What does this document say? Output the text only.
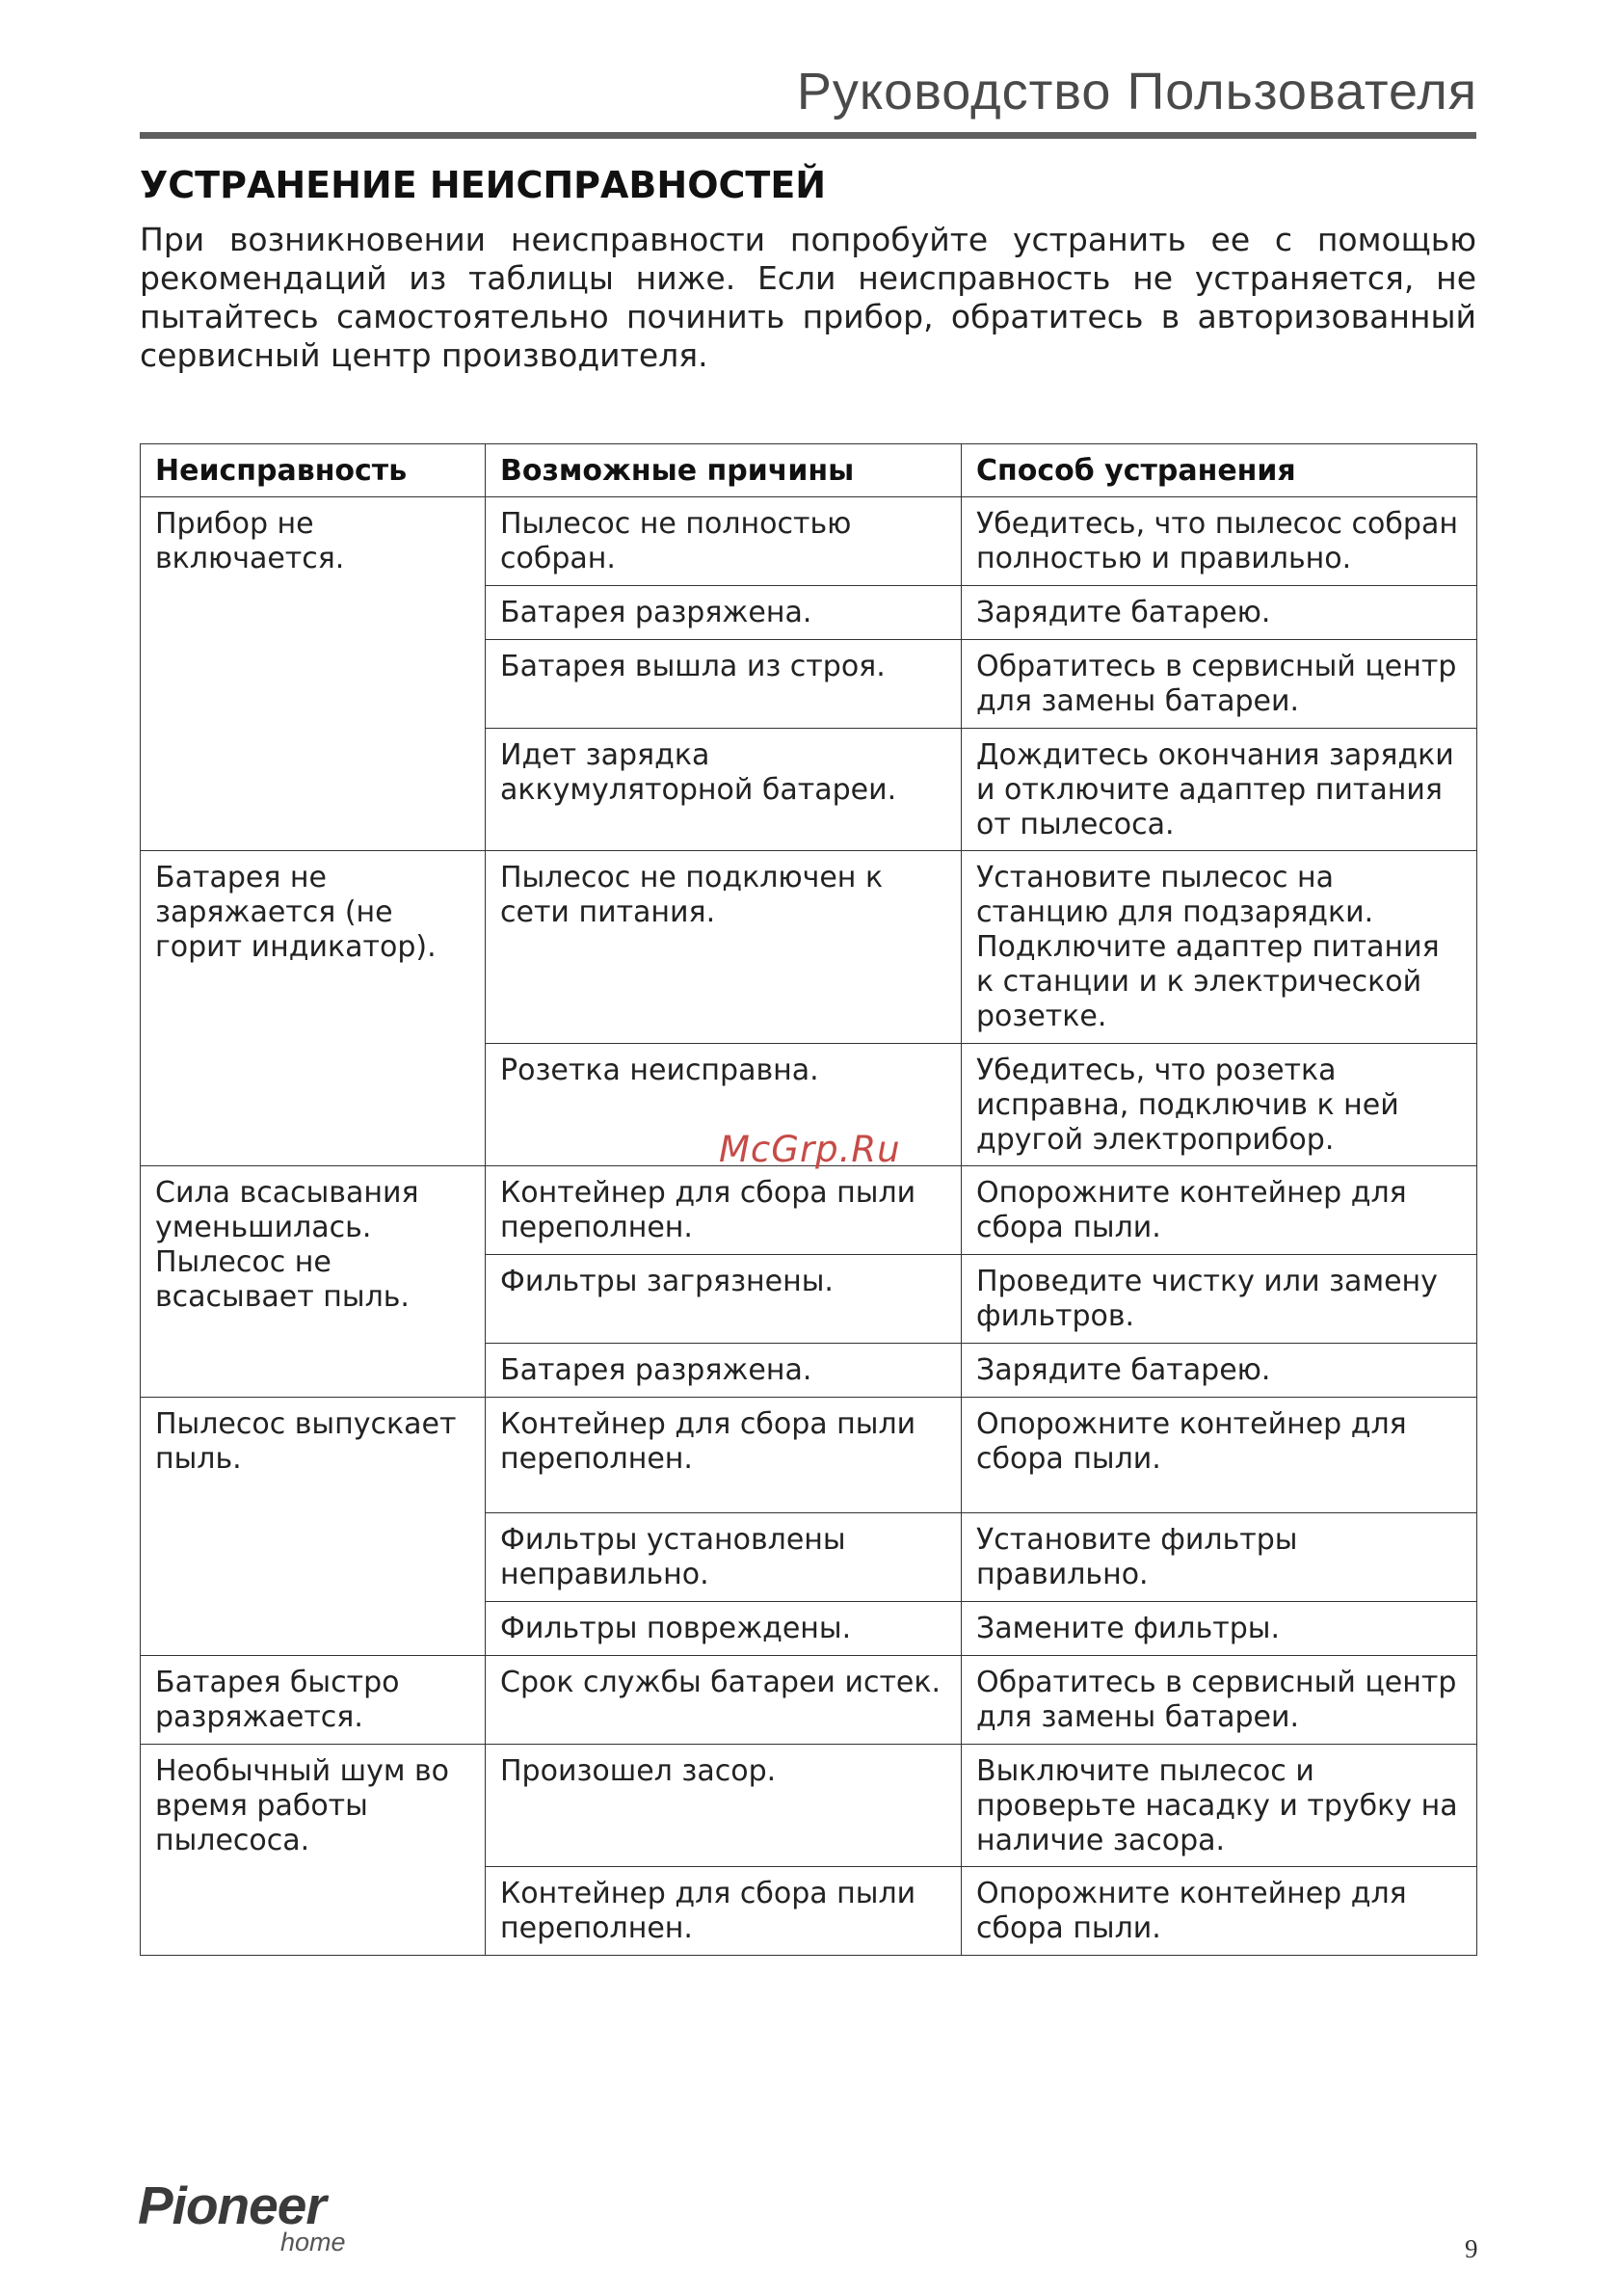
Руководство Пользователя
УСТРАНЕНИЕ НЕИСПРАВНОСТЕЙ
При возникновении неисправности попробуйте устранить ее с помощью рекомендаций из таблицы ниже. Если неисправность не устраняется, не пытайтесь самостоятельно починить прибор, обратитесь в авторизованный сервисный центр производителя.
Неисправность	Возможные причины	Способ устранения
Прибор не включается.	Пылесос не полностью собран.	Убедитесь, что пылесос собран полностью и правильно.
	Батарея разряжена.	Зарядите батарею.
	Батарея вышла из строя.	Обратитесь в сервисный центр для замены батареи.
	Идет зарядка аккумуляторной батареи.	Дождитесь окончания зарядки и отключите адаптер питания от пылесоса.
Батарея не заряжается (не горит индикатор).	Пылесос не подключен к сети питания.	Установите пылесос на станцию для подзарядки. Подключите адаптер питания к станции и к электрической розетке.
	Розетка неисправна.	Убедитесь, что розетка исправна, подключив к ней другой электроприбор.
Сила всасывания уменьшилась. Пылесос не всасывает пыль.	Контейнер для сбора пыли переполнен.	Опорожните контейнер для сбора пыли.
	Фильтры загрязнены.	Проведите чистку или замену фильтров.
	Батарея разряжена.	Зарядите батарею.
Пылесос выпускает пыль.	Контейнер для сбора пыли переполнен.	Опорожните контейнер для сбора пыли.
	Фильтры установлены неправильно.	Установите фильтры правильно.
	Фильтры повреждены.	Замените фильтры.
Батарея быстро разряжается.	Срок службы батареи истек.	Обратитесь в сервисный центр для замены батареи.
Необычный шум во время работы пылесоса.	Произошел засор.	Выключите пылесос и проверьте насадку и трубку на наличие засора.
	Контейнер для сбора пыли переполнен.	Опорожните контейнер для сбора пыли.
McGrp.Ru
Pioneer
home	9
